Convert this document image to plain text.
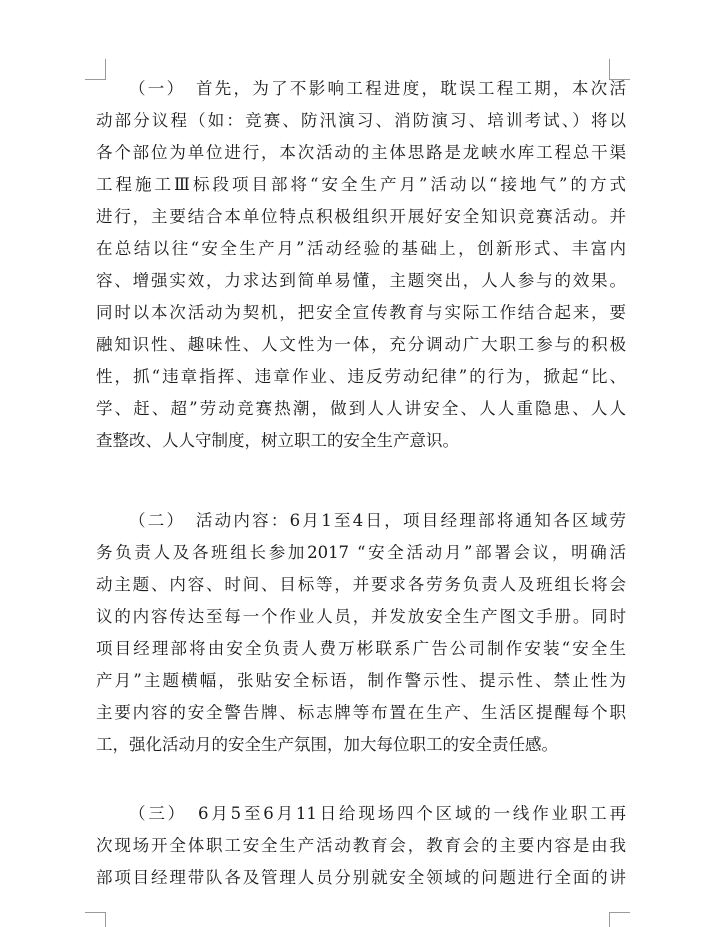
（一）　首先，为了不影响工程进度，耽误工程工期，本次活
动部分议程（如：竞赛、防汛演习、消防演习、培训考试、）将以
各个部位为单位进行，本次活动的主体思路是龙峡水库工程总干渠
工程施工Ⅲ标段项目部将“安全生产月”活动以“接地气”的方式
进行，主要结合本单位特点积极组织开展好安全知识竞赛活动。并
在总结以往“安全生产月”活动经验的基础上，创新形式、丰富内
容、增强实效，力求达到简单易懂，主题突出，人人参与的效果。
同时以本次活动为契机，把安全宣传教育与实际工作结合起来，要
融知识性、趣味性、人文性为一体，充分调动广大职工参与的积极
性，抓“违章指挥、违章作业、违反劳动纪律”的行为，掀起“比、
学、赶、超”劳动竞赛热潮，做到人人讲安全、人人重隐患、人人
查整改、人人守制度，树立职工的安全生产意识。

（二）　活动内容：6月1至4日，项目经理部将通知各区域劳
务负责人及各班组长参加2017 “安全活动月”部署会议，明确活
动主题、内容、时间、目标等，并要求各劳务负责人及班组长将会
议的内容传达至每一个作业人员，并发放安全生产图文手册。同时
项目经理部将由安全负责人费万彬联系广告公司制作安装“安全生
产月”主题横幅，张贴安全标语，制作警示性、提示性、禁止性为
主要内容的安全警告牌、标志牌等布置在生产、生活区提醒每个职
工，强化活动月的安全生产氛围，加大每位职工的安全责任感。

（三）　6月5至6月11日给现场四个区域的一线作业职工再
次现场开全体职工安全生产活动教育会，教育会的主要内容是由我
部项目经理带队各及管理人员分别就安全领域的问题进行全面的讲
